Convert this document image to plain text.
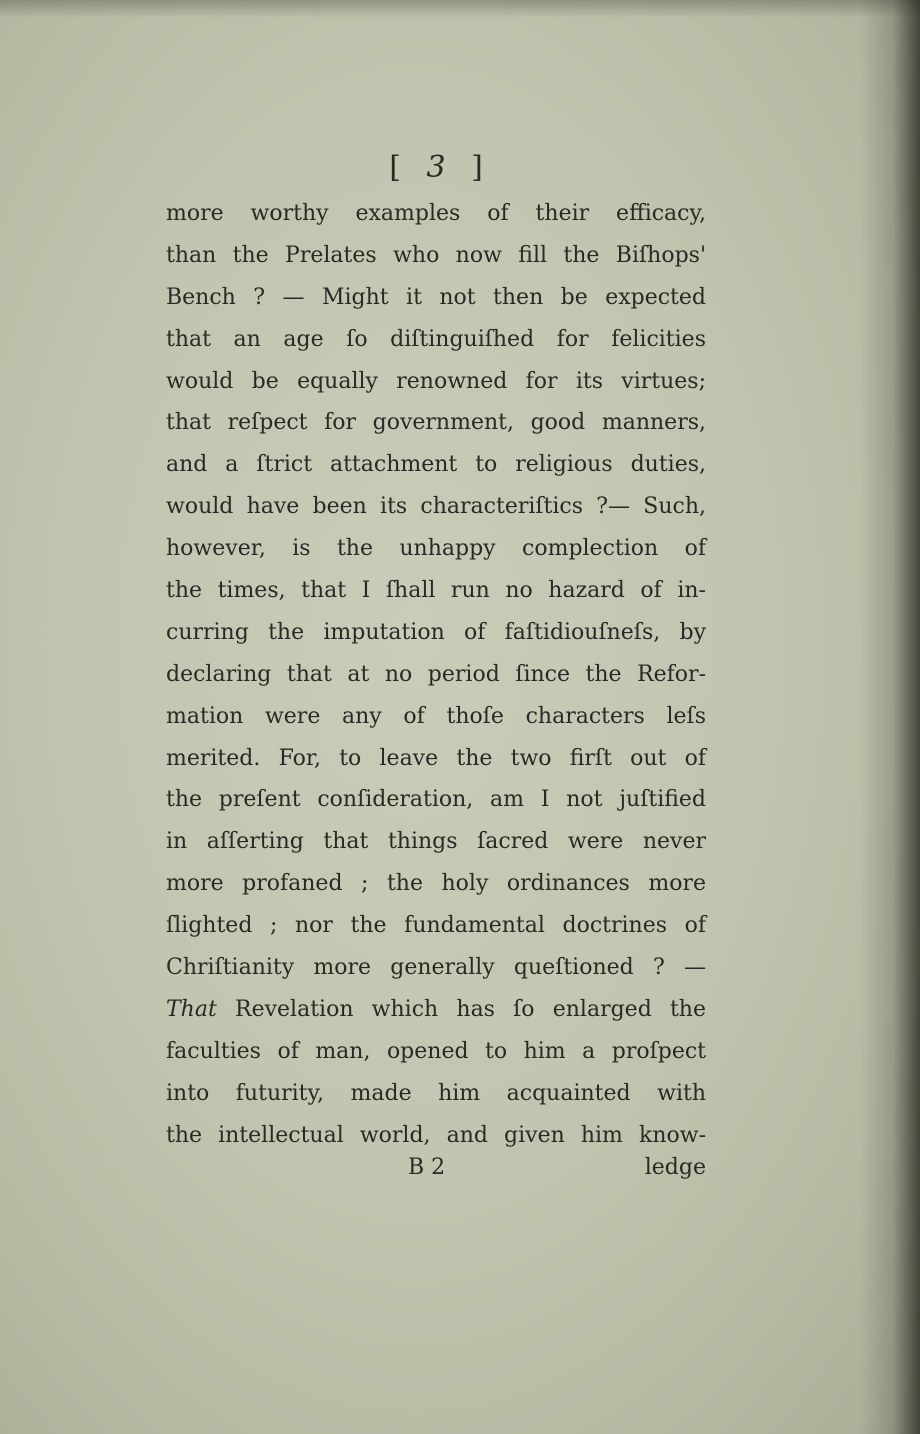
[ 3 ]
more worthy examples of their efficacy,
than the Prelates who now fill the Biſhops'
Bench ? — Might it not then be expected
that an age ſo diſtinguiſhed for felicities
would be equally renowned for its virtues;
that reſpect for government, good manners,
and a ſtrict attachment to religious duties,
would have been its characteriſtics ?— Such,
however, is the unhappy complection of
the times, that I ſhall run no hazard of in-
curring the imputation of faſtidiouſneſs, by
declaring that at no period ſince the Refor-
mation were any of thoſe characters leſs
merited. For, to leave the two firſt out of
the preſent conſideration, am I not juſtified
in aſſerting that things ſacred were never
more profaned ; the holy ordinances more
ſlighted ; nor the fundamental doctrines of
Chriſtianity more generally queſtioned ? —
That Revelation which has ſo enlarged the
faculties of man, opened to him a proſpect
into futurity, made him acquainted with
the intellectual world, and given him know-
B 2	ledge
